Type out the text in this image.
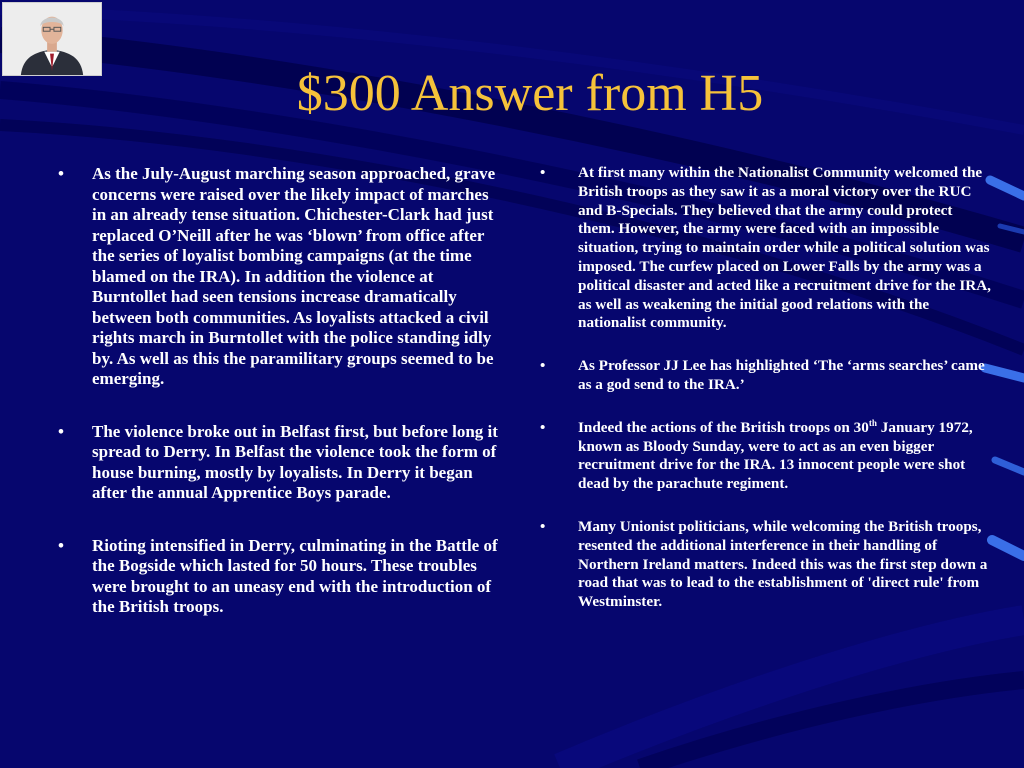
$300 Answer from H5
• As the July-August marching season approached, grave concerns were raised over the likely impact of marches in an already tense situation. Chichester-Clark had just replaced O’Neill after he was ‘blown’ from office after the series of loyalist bombing campaigns (at the time blamed on the IRA). In addition the violence at Burntollet had seen tensions increase dramatically between both communities. As loyalists attacked a civil rights march in Burntollet with the police standing idly by. As well as this the paramilitary groups seemed to be emerging.
• The violence broke out in Belfast first, but before long it spread to Derry. In Belfast the violence took the form of house burning, mostly by loyalists. In Derry it began after the annual Apprentice Boys parade.
• Rioting intensified in Derry, culminating in the Battle of the Bogside which lasted for 50 hours. These troubles were brought to an uneasy end with the introduction of the British troops.
• At first many within the Nationalist Community welcomed the British troops as they saw it as a moral victory over the RUC and B-Specials. They believed that the army could protect them. However, the army were faced with an impossible situation, trying to maintain order while a political solution was imposed. The curfew placed on Lower Falls by the army was a political disaster and acted like a recruitment drive for the IRA, as well as weakening the initial good relations with the nationalist community.
• As Professor JJ Lee has highlighted ‘The ‘arms searches’ came as a god send to the IRA.’
• Indeed the actions of the British troops on 30th January 1972, known as Bloody Sunday, were to act as an even bigger recruitment drive for the IRA. 13 innocent people were shot dead by the parachute regiment.
• Many Unionist politicians, while welcoming the British troops, resented the additional interference in their handling of Northern Ireland matters. Indeed this was the first step down a road that was to lead to the establishment of 'direct rule' from Westminster.
